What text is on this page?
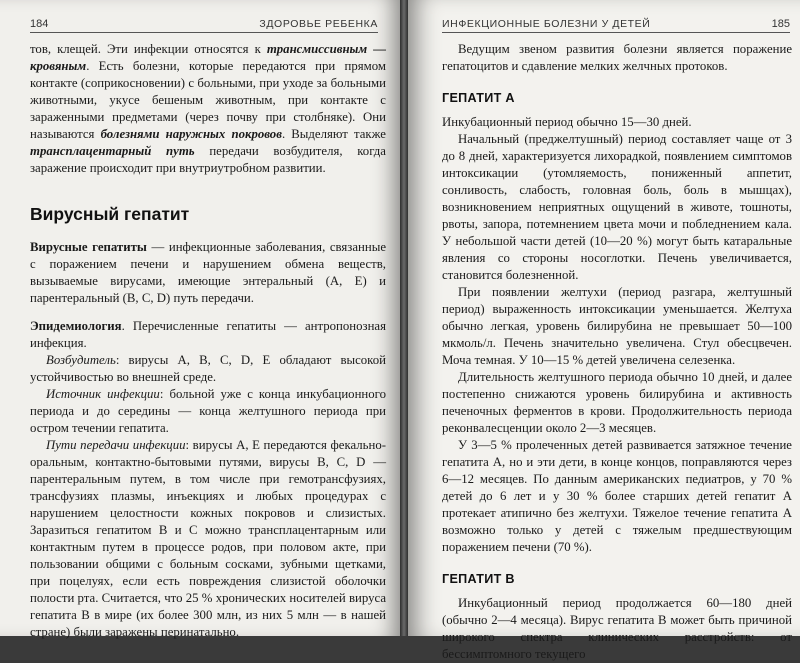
184	ЗДОРОВЬЕ РЕБЕНКА

тов, клещей. Эти инфекции относятся к трансмиссивным — кровяным. Есть болезни, которые передаются при прямом контакте (соприкосновении) с больными, при уходе за больными животными, укусе бешеным животным, при контакте с зараженными предметами (через почву при столбняке). Они называются болезнями наружных покровов. Выделяют также трансплацентарный путь передачи возбудителя, когда заражение происходит при внутриутробном развитии.

Вирусный гепатит

Вирусные гепатиты — инфекционные заболевания, связанные с поражением печени и нарушением обмена веществ, вызываемые вирусами, имеющие энтеральный (А, Е) и парентеральный (В, С, D) путь передачи.

Эпидемиология. Перечисленные гепатиты — антропонозная инфекция.

Возбудитель: вирусы А, В, С, D, Е обладают высокой устойчивостью во внешней среде.

Источник инфекции: больной уже с конца инкубационного периода и до середины — конца желтушного периода при остром течении гепатита.

Пути передачи инфекции: вирусы А, Е передаются фекально-оральным, контактно-бытовыми путями, вирусы В, С, D — парентеральным путем, в том числе при гемотрансфузиях, трансфузиях плазмы, инъекциях и любых процедурах с нарушением целостности кожных покровов и слизистых. Заразиться гепатитом В и С можно трансплацентарным или контактным путем в процессе родов, при половом акте, при пользовании общими с больным сосками, зубными щетками, при поцелуях, если есть повреждения слизистой оболочки полости рта. Считается, что 25 % хронических носителей вируса гепатита В в мире (их более 300 млн, из них 5 млн — в нашей стране) были заражены перинатально.

ИНФЕКЦИОННЫЕ БОЛЕЗНИ У ДЕТЕЙ	185

Ведущим звеном развития болезни является поражение гепатоцитов и сдавление мелких желчных протоков.

ГЕПАТИТ А

Инкубационный период обычно 15—30 дней.

Начальный (преджелтушный) период составляет чаще от 3 до 8 дней, характеризуется лихорадкой, появлением симптомов интоксикации (утомляемость, пониженный аппетит, сонливость, слабость, головная боль, боль в мышцах), возникновением неприятных ощущений в животе, тошноты, рвоты, запора, потемнением цвета мочи и побледнением кала. У небольшой части детей (10—20 %) могут быть катаральные явления со стороны носоглотки. Печень увеличивается, становится болезненной.

При появлении желтухи (период разгара, желтушный период) выраженность интоксикации уменьшается. Желтуха обычно легкая, уровень билирубина не превышает 50—100 мкмоль/л. Печень значительно увеличена. Стул обесцвечен. Моча темная. У 10—15 % детей увеличена селезенка.

Длительность желтушного периода обычно 10 дней, и далее постепенно снижаются уровень билирубина и активность печеночных ферментов в крови. Продолжительность периода реконвалесценции около 2—3 месяцев.

У 3—5 % пролеченных детей развивается затяжное течение гепатита А, но и эти дети, в конце концов, поправляются через 6—12 месяцев. По данным американских педиатров, у 70 % детей до 6 лет и у 30 % более старших детей гепатит А протекает атипично без желтухи. Тяжелое течение гепатита А возможно только у детей с тяжелым предшествующим поражением печени (70 %).

ГЕПАТИТ В

Инкубационный период продолжается 60—180 дней (обычно 2—4 месяца). Вирус гепатита В может быть причиной широкого спектра клинических расстройств: от бессимптомного текущего
